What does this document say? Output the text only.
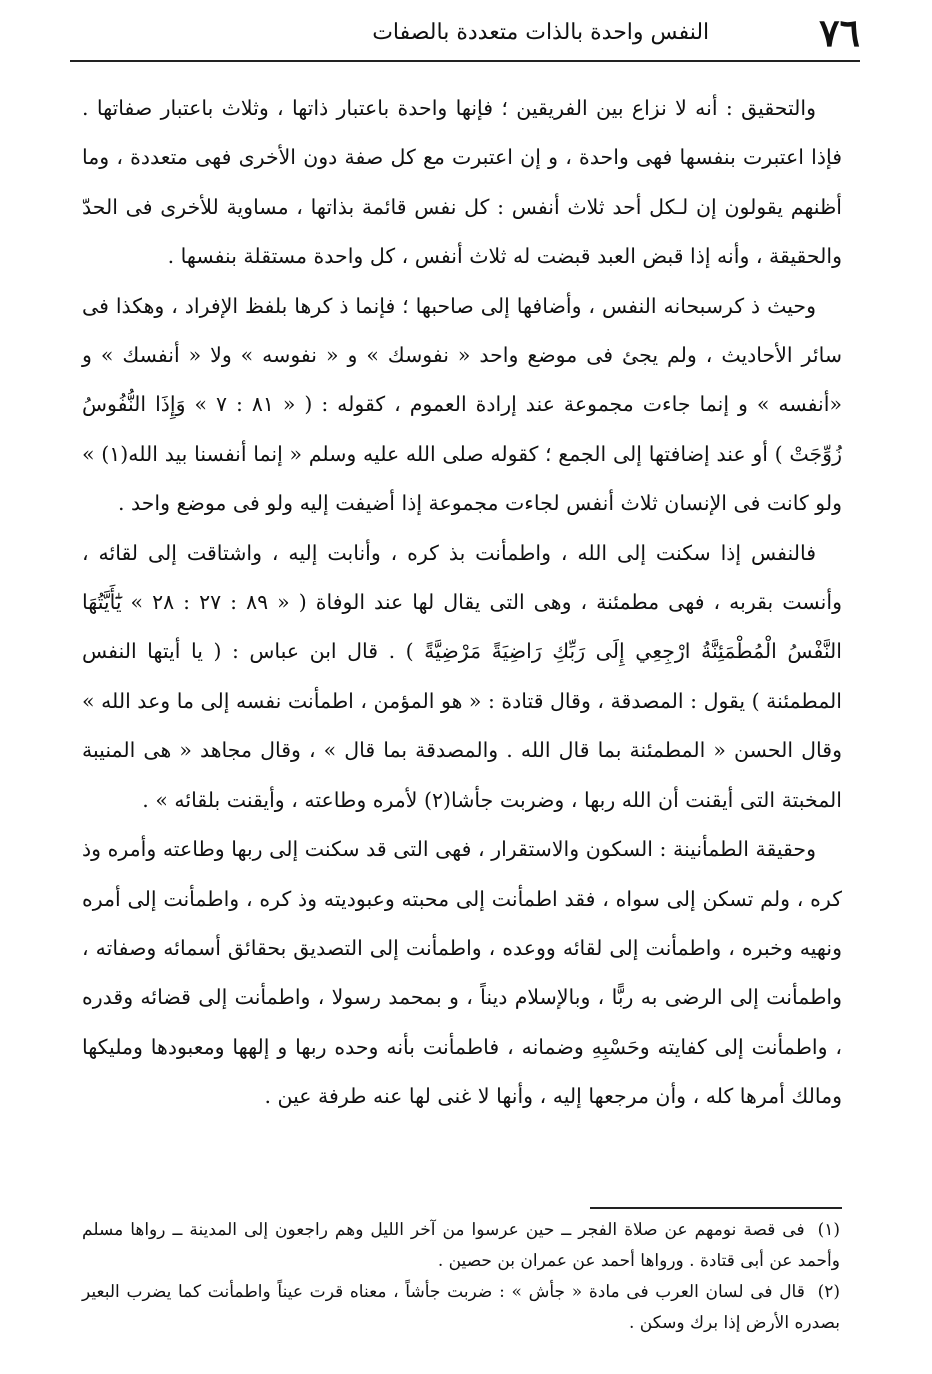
٧٦
النفس واحدة بالذات متعددة بالصفات

والتحقيق : أنه لا نزاع بين الفريقين ؛ فإنها واحدة باعتبار ذاتها ، وثلاث باعتبار صفاتها . فإذا اعتبرت بنفسها فهى واحدة ، و إن اعتبرت مع كل صفة دون الأخرى فهى متعددة ، وما أظنهم يقولون إن لـكل أحد ثلاث أنفس : كل نفس قائمة بذاتها ، مساوية للأخرى فى الحدّ والحقيقة ، وأنه إذا قبض العبد قبضت له ثلاث أنفس ، كل واحدة مستقلة بنفسها .

وحيث ذ كرسبحانه النفس ، وأضافها إلى صاحبها ؛ فإنما ذ كرها بلفظ الإفراد ، وهكذا فى سائر الأحاديث ، ولم يجئ فى موضع واحد « نفوسك » و « نفوسه » ولا « أنفسك » و «أنفسه » و إنما جاءت مجموعة عند إرادة العموم ، كقوله : ( « ٨١ : ٧ » وَإِذَا النُّفُوسُ زُوِّجَتْ ) أو عند إضافتها إلى الجمع ؛ كقوله صلى الله عليه وسلم « إنما أنفسنا بيد الله(١) » ولو كانت فى الإنسان ثلاث أنفس لجاءت مجموعة إذا أضيفت إليه ولو فى موضع واحد .

فالنفس إذا سكنت إلى الله ، واطمأنت بذ كره ، وأنابت إليه ، واشتاقت إلى لقائه ، وأنست بقربه ، فهى مطمئنة ، وهى التى يقال لها عند الوفاة ( « ٨٩ : ٢٧ : ٢٨ » يَٰٓأَيَّتُهَا النَّفْسُ الْمُطْمَئِنَّةُ ارْجِعِي إِلَى رَبِّكِ رَاضِيَةً مَرْضِيَّةً ) . قال ابن عباس : ( يا أيتها النفس المطمئنة ) يقول : المصدقة ، وقال قتادة : « هو المؤمن ، اطمأنت نفسه إلى ما وعد الله » وقال الحسن « المطمئنة بما قال الله . والمصدقة بما قال » ، وقال مجاهد « هى المنيبة المخبتة التى أيقنت أن الله ربها ، وضربت جأشا(٢) لأمره وطاعته ، وأيقنت بلقائه » .

وحقيقة الطمأنينة : السكون والاستقرار ، فهى التى قد سكنت إلى ربها وطاعته وأمره وذ كره ، ولم تسكن إلى سواه ، فقد اطمأنت إلى محبته وعبوديته وذ كره ، واطمأنت إلى أمره ونهيه وخبره ، واطمأنت إلى لقائه ووعده ، واطمأنت إلى التصديق بحقائق أسمائه وصفاته ، واطمأنت إلى الرضى به ربًّا ، وبالإسلام ديناً ، و بمحمد رسولا ، واطمأنت إلى قضائه وقدره ، واطمأنت إلى كفايته وحَسْبِهِ وضمانه ، فاطمأنت بأنه وحده ربها و إلهها ومعبودها ومليكها ومالك أمرها كله ، وأن مرجعها إليه ، وأنها لا غنى لها عنه طرفة عين .

(١) فى قصة نومهم عن صلاة الفجر ــ حين عرسوا من آخر الليل وهم راجعون إلى المدينة ــ رواها مسلم وأحمد عن أبى قتادة . ورواها أحمد عن عمران بن حصين .

(٢) قال فى لسان العرب فى مادة « جأش » : ضربت جأشاً ، معناه قرت عيناً واطمأنت كما يضرب البعير بصدره الأرض إذا برك وسكن .
